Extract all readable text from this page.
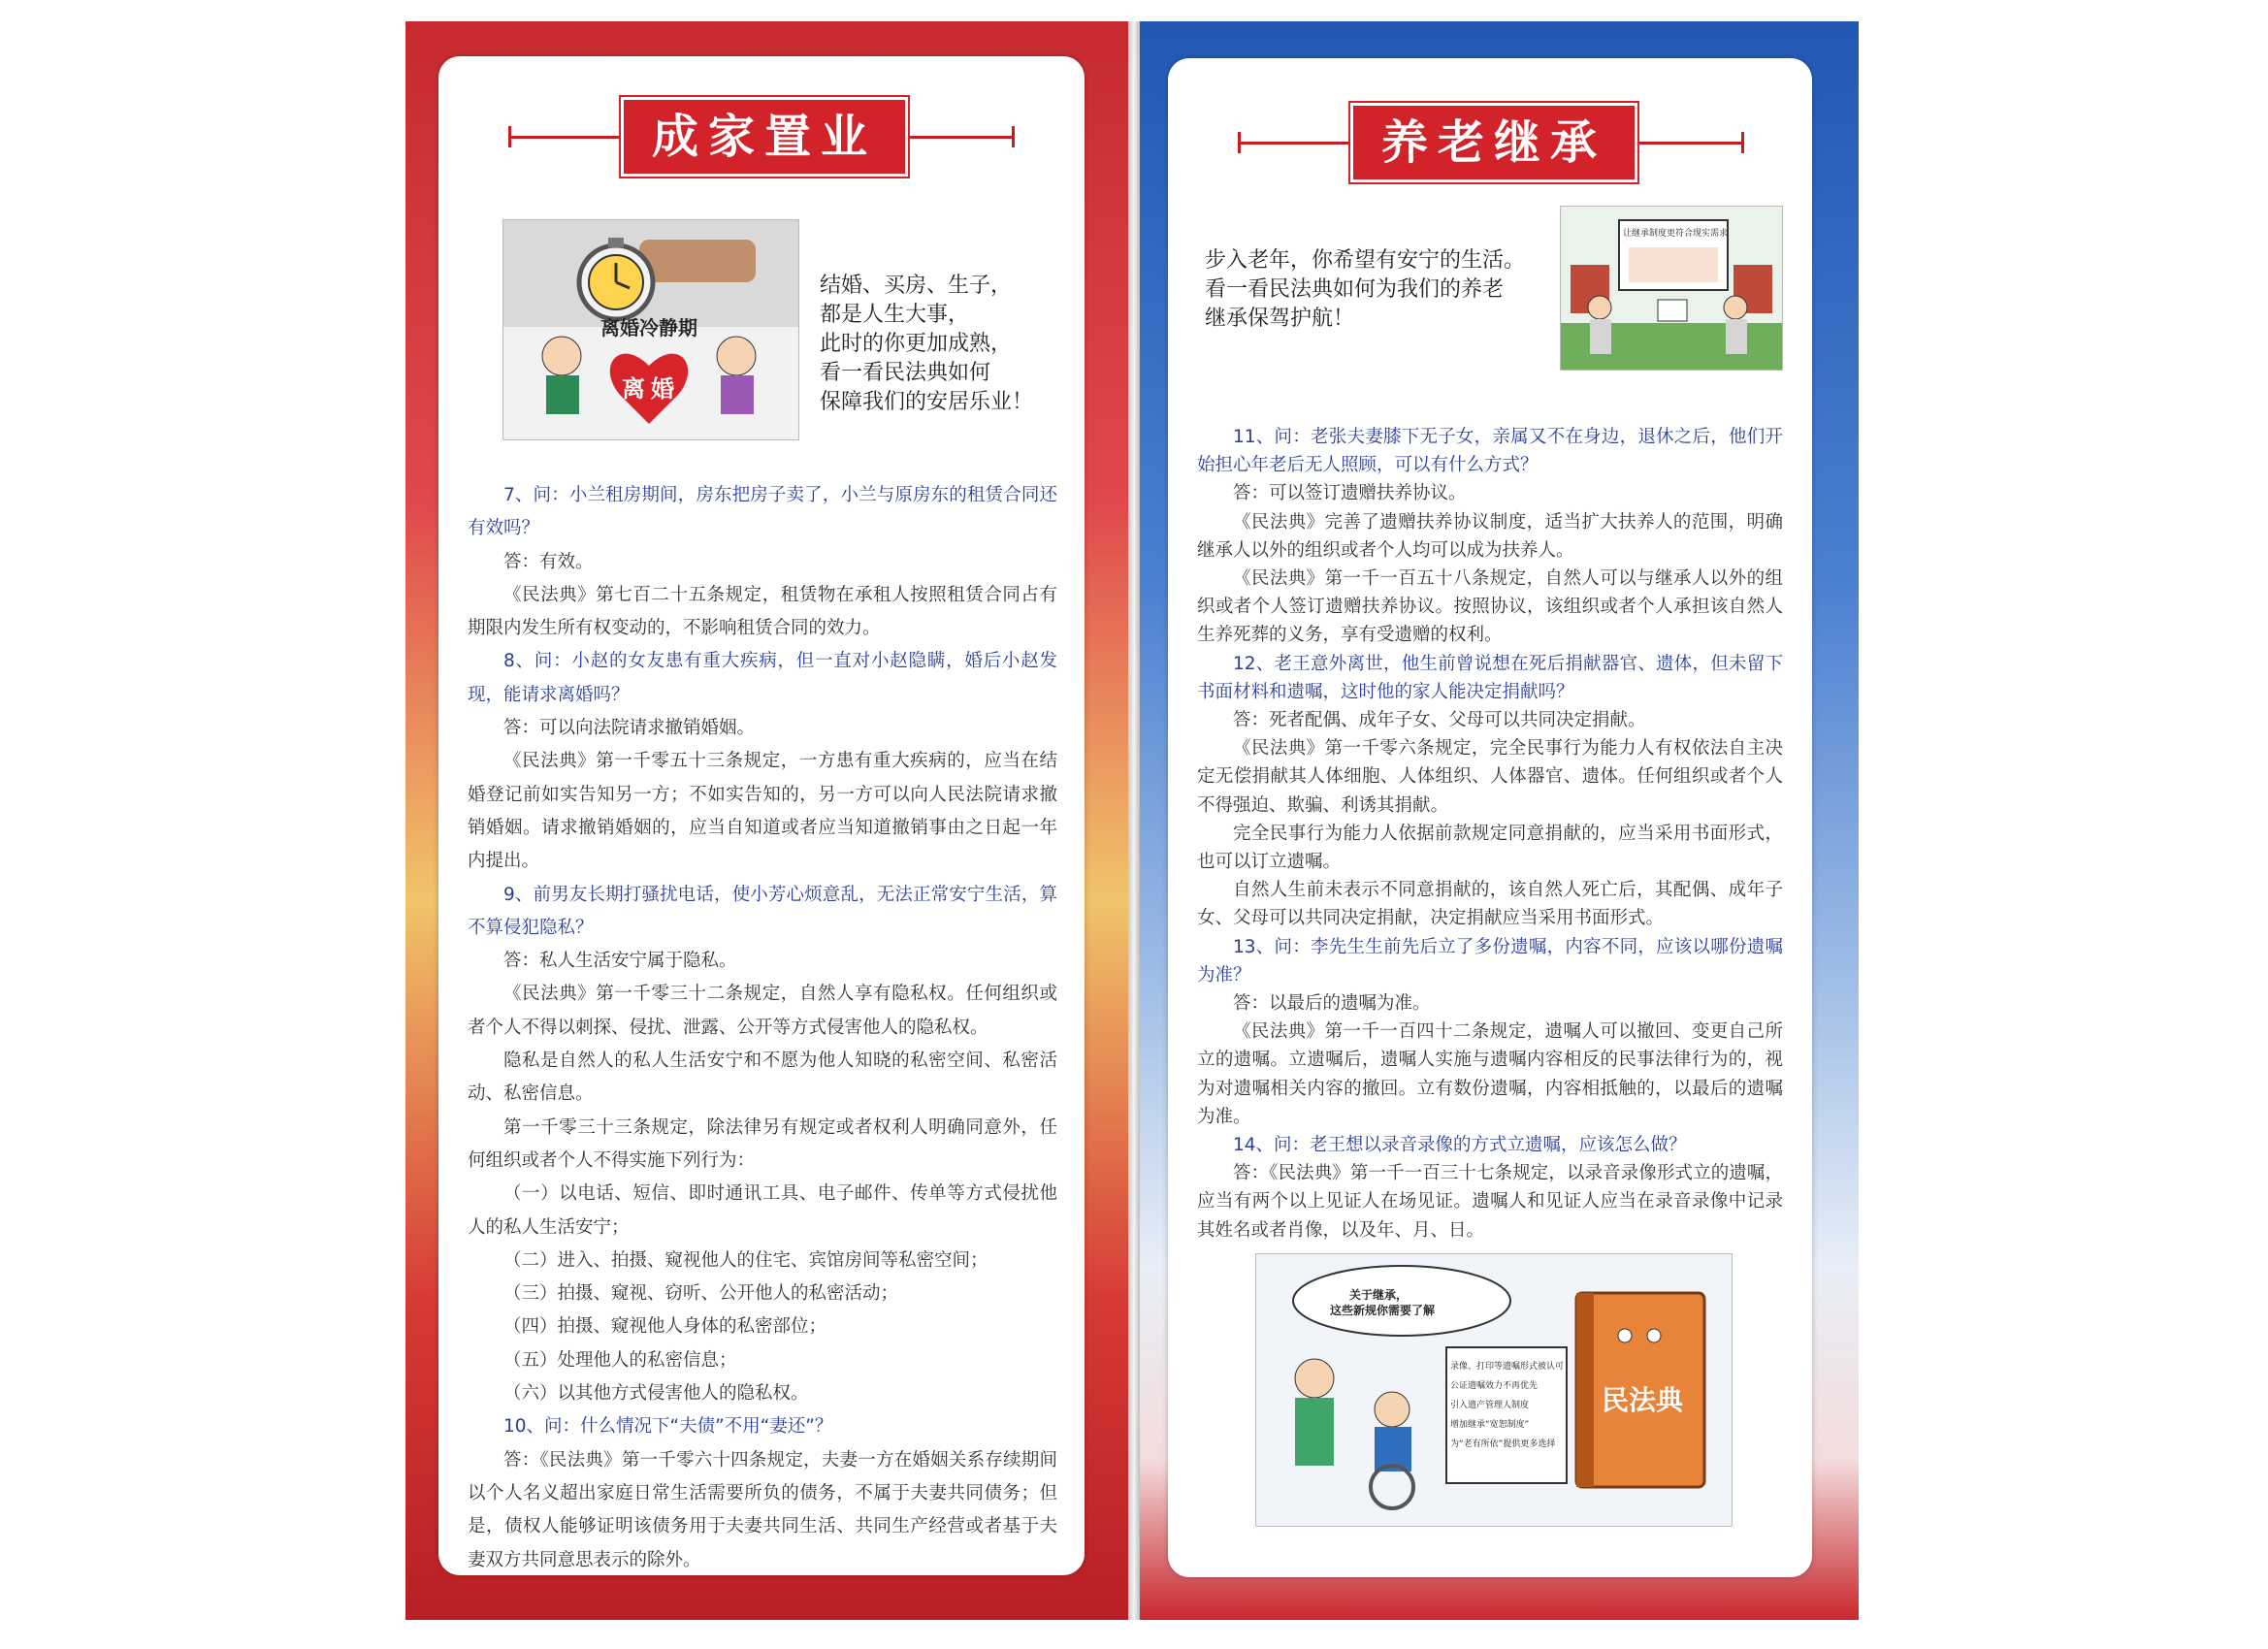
成家置业
离婚冷静期
离 婚
结婚、买房、生子，
都是人生大事，
此时的你更加成熟，
看一看民法典如何
保障我们的安居乐业！

7、问：小兰租房期间，房东把房子卖了，小兰与原房东的租赁合同还有效吗？

答：有效。

《民法典》第七百二十五条规定，租赁物在承租人按照租赁合同占有期限内发生所有权变动的，不影响租赁合同的效力。

8、问：小赵的女友患有重大疾病，但一直对小赵隐瞒，婚后小赵发现，能请求离婚吗？

答：可以向法院请求撤销婚姻。

《民法典》第一千零五十三条规定，一方患有重大疾病的，应当在结婚登记前如实告知另一方；不如实告知的，另一方可以向人民法院请求撤销婚姻。请求撤销婚姻的，应当自知道或者应当知道撤销事由之日起一年内提出。

9、前男友长期打骚扰电话，使小芳心烦意乱，无法正常安宁生活，算不算侵犯隐私？

答：私人生活安宁属于隐私。

《民法典》第一千零三十二条规定，自然人享有隐私权。任何组织或者个人不得以刺探、侵扰、泄露、公开等方式侵害他人的隐私权。

隐私是自然人的私人生活安宁和不愿为他人知晓的私密空间、私密活动、私密信息。

第一千零三十三条规定，除法律另有规定或者权利人明确同意外，任何组织或者个人不得实施下列行为：

（一）以电话、短信、即时通讯工具、电子邮件、传单等方式侵扰他人的私人生活安宁；

（二）进入、拍摄、窥视他人的住宅、宾馆房间等私密空间；

（三）拍摄、窥视、窃听、公开他人的私密活动；

（四）拍摄、窥视他人身体的私密部位；

（五）处理他人的私密信息；

（六）以其他方式侵害他人的隐私权。

10、问：什么情况下“夫债”不用“妻还”？

答：《民法典》第一千零六十四条规定，夫妻一方在婚姻关系存续期间以个人名义超出家庭日常生活需要所负的债务，不属于夫妻共同债务；但是，债权人能够证明该债务用于夫妻共同生活、共同生产经营或者基于夫妻双方共同意思表示的除外。

养老继承
步入老年，你希望有安宁的生活。
看一看民法典如何为我们的养老
继承保驾护航！
让继承制度更符合现实需求

11、问：老张夫妻膝下无子女，亲属又不在身边，退休之后，他们开始担心年老后无人照顾，可以有什么方式？

答：可以签订遗赠扶养协议。

《民法典》完善了遗赠扶养协议制度，适当扩大扶养人的范围，明确继承人以外的组织或者个人均可以成为扶养人。

《民法典》第一千一百五十八条规定，自然人可以与继承人以外的组织或者个人签订遗赠扶养协议。按照协议，该组织或者个人承担该自然人生养死葬的义务，享有受遗赠的权利。

12、老王意外离世，他生前曾说想在死后捐献器官、遗体，但未留下书面材料和遗嘱，这时他的家人能决定捐献吗？

答：死者配偶、成年子女、父母可以共同决定捐献。

《民法典》第一千零六条规定，完全民事行为能力人有权依法自主决定无偿捐献其人体细胞、人体组织、人体器官、遗体。任何组织或者个人不得强迫、欺骗、利诱其捐献。

完全民事行为能力人依据前款规定同意捐献的，应当采用书面形式，也可以订立遗嘱。

自然人生前未表示不同意捐献的，该自然人死亡后，其配偶、成年子女、父母可以共同决定捐献，决定捐献应当采用书面形式。

13、问：李先生生前先后立了多份遗嘱，内容不同，应该以哪份遗嘱为准？

答：以最后的遗嘱为准。

《民法典》第一千一百四十二条规定，遗嘱人可以撤回、变更自己所立的遗嘱。立遗嘱后，遗嘱人实施与遗嘱内容相反的民事法律行为的，视为对遗嘱相关内容的撤回。立有数份遗嘱，内容相抵触的，以最后的遗嘱为准。

14、问：老王想以录音录像的方式立遗嘱，应该怎么做？

答：《民法典》第一千一百三十七条规定，以录音录像形式立的遗嘱，应当有两个以上见证人在场见证。遗嘱人和见证人应当在录音录像中记录其姓名或者肖像，以及年、月、日。

关于继承，
这些新规你需要了解
录像、打印等遗嘱形式被认可
公证遗嘱效力不再优先
引入遗产管理人制度
增加继承“宽恕制度”
为“老有所依”提供更多选择
民法典
